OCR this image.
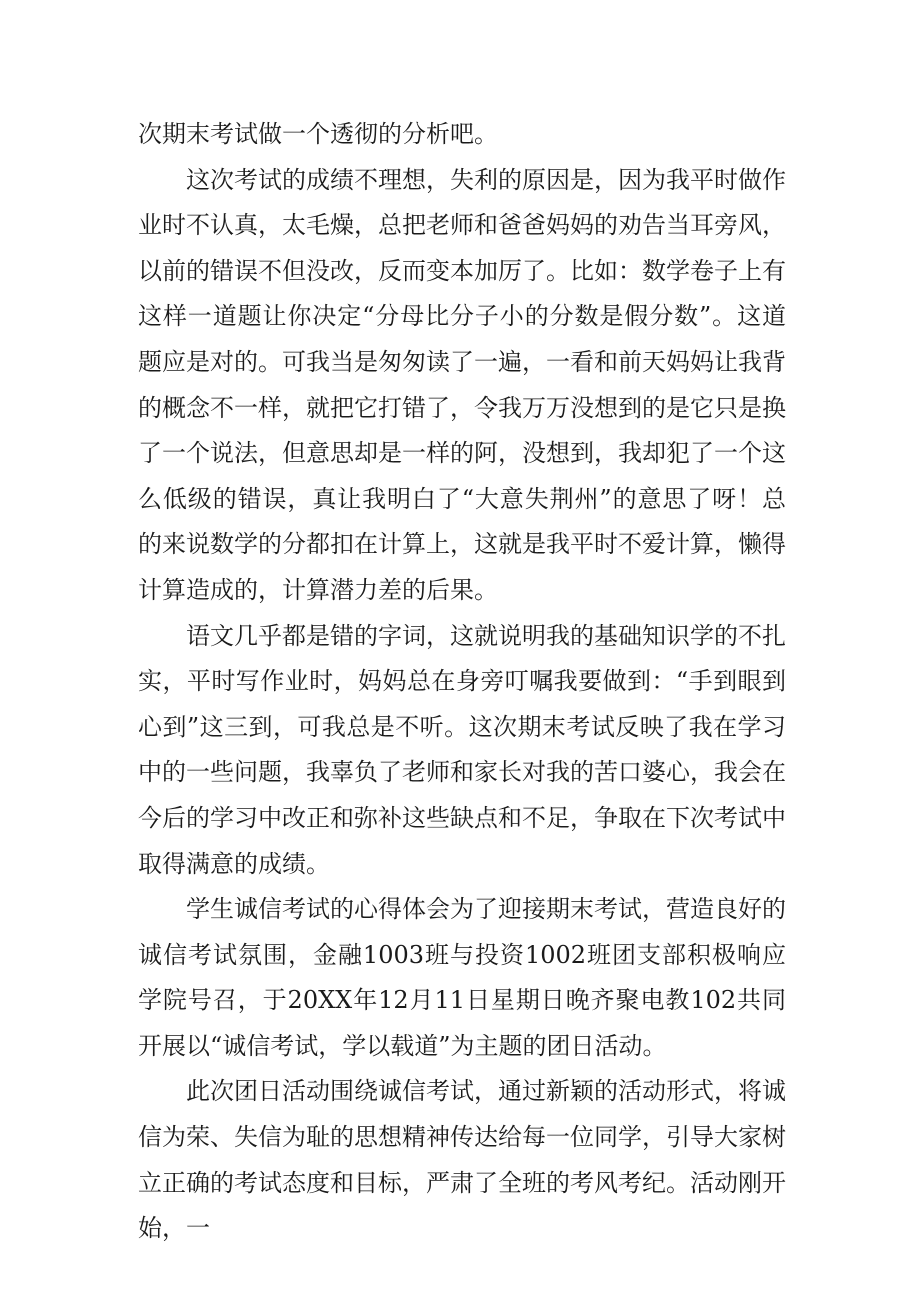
次期末考试做一个透彻的分析吧。

这次考试的成绩不理想，失利的原因是，因为我平时做作业时不认真，太毛燥，总把老师和爸爸妈妈的劝告当耳旁风，以前的错误不但没改，反而变本加厉了。比如：数学卷子上有这样一道题让你决定“分母比分子小的分数是假分数”。这道题应是对的。可我当是匆匆读了一遍，一看和前天妈妈让我背的概念不一样，就把它打错了，令我万万没想到的是它只是换了一个说法，但意思却是一样的阿，没想到，我却犯了一个这么低级的错误，真让我明白了“大意失荆州”的意思了呀！总的来说数学的分都扣在计算上，这就是我平时不爱计算，懒得计算造成的，计算潜力差的后果。

语文几乎都是错的字词，这就说明我的基础知识学的不扎实，平时写作业时，妈妈总在身旁叮嘱我要做到：“手到眼到心到”这三到，可我总是不听。这次期末考试反映了我在学习中的一些问题，我辜负了老师和家长对我的苦口婆心，我会在今后的学习中改正和弥补这些缺点和不足，争取在下次考试中取得满意的成绩。

学生诚信考试的心得体会为了迎接期末考试，营造良好的诚信考试氛围，金融1003班与投资1002班团支部积极响应学院号召，于20XX年12月11日星期日晚齐聚电教102共同开展以“诚信考试，学以载道”为主题的团日活动。

此次团日活动围绕诚信考试，通过新颖的活动形式，将诚信为荣、失信为耻的思想精神传达给每一位同学，引导大家树立正确的考试态度和目标，严肃了全班的考风考纪。活动刚开始，一
